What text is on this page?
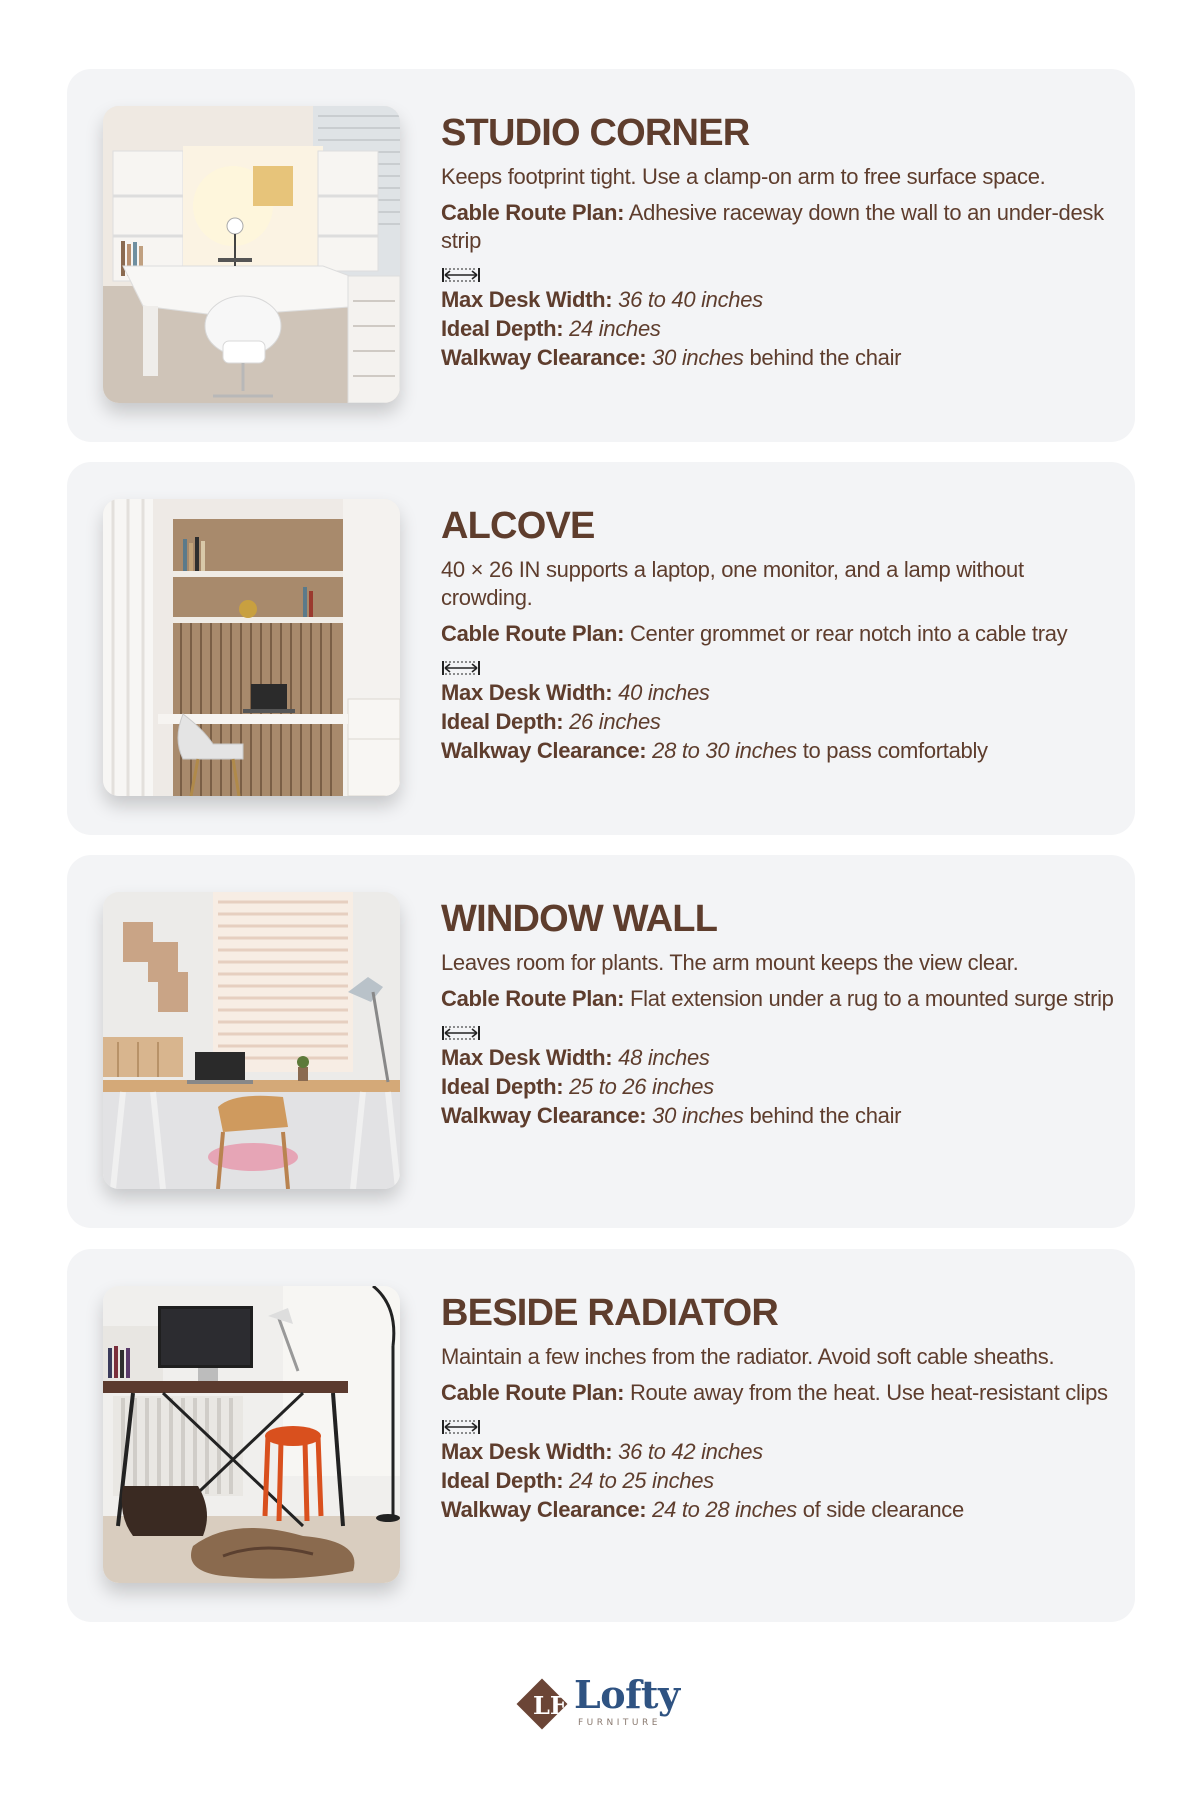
STUDIO CORNER
Keeps footprint tight. Use a clamp-on arm to free surface space.
Cable Route Plan: Adhesive raceway down the wall to an under-desk strip
Max Desk Width: 36 to 40 inches
Ideal Depth: 24 inches
Walkway Clearance: 30 inches behind the chair
ALCOVE
40 × 26 IN supports a laptop, one monitor, and a lamp without crowding.
Cable Route Plan: Center grommet or rear notch into a cable tray
Max Desk Width: 40 inches
Ideal Depth: 26 inches
Walkway Clearance: 28 to 30 inches to pass comfortably
WINDOW WALL
Leaves room for plants. The arm mount keeps the view clear.
Cable Route Plan: Flat extension under a rug to a mounted surge strip
Max Desk Width: 48 inches
Ideal Depth: 25 to 26 inches
Walkway Clearance: 30 inches behind the chair
BESIDE RADIATOR
Maintain a few inches from the radiator. Avoid soft cable sheaths.
Cable Route Plan: Route away from the heat. Use heat-resistant clips
Max Desk Width: 36 to 42 inches
Ideal Depth: 24 to 25 inches
Walkway Clearance: 24 to 28 inches of side clearance
LF Lofty
FURNITURE
